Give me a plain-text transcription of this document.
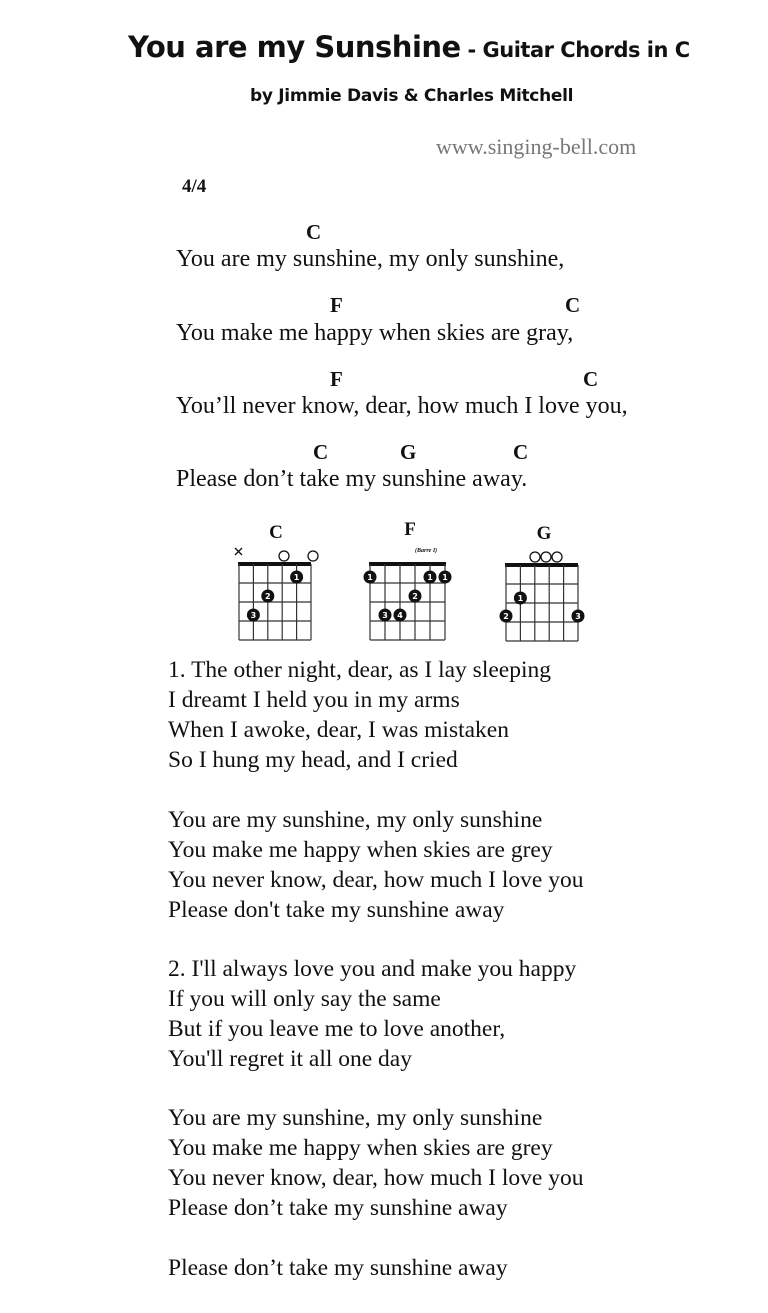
You are my Sunshine - Guitar Chords in C
by Jimmie Davis & Charles Mitchell
www.singing-bell.com
4/4
C
You are my sunshine, my only sunshine,
F	C
You make me happy when skies are gray,
F	C
You’ll never know, dear, how much I love you,
C	G	C
Please don’t take my sunshine away.
C
1
2
3
F
(Barre I)
1	1 1
2
3 4
G
1
2	3
1. The other night, dear, as I lay sleeping
I dreamt I held you in my arms
When I awoke, dear, I was mistaken
So I hung my head, and I cried
You are my sunshine, my only sunshine
You make me happy when skies are grey
You never know, dear, how much I love you
Please don't take my sunshine away
2. I'll always love you and make you happy
If you will only say the same
But if you leave me to love another,
You'll regret it all one day
You are my sunshine, my only sunshine
You make me happy when skies are grey
You never know, dear, how much I love you
Please don’t take my sunshine away
Please don’t take my sunshine away
